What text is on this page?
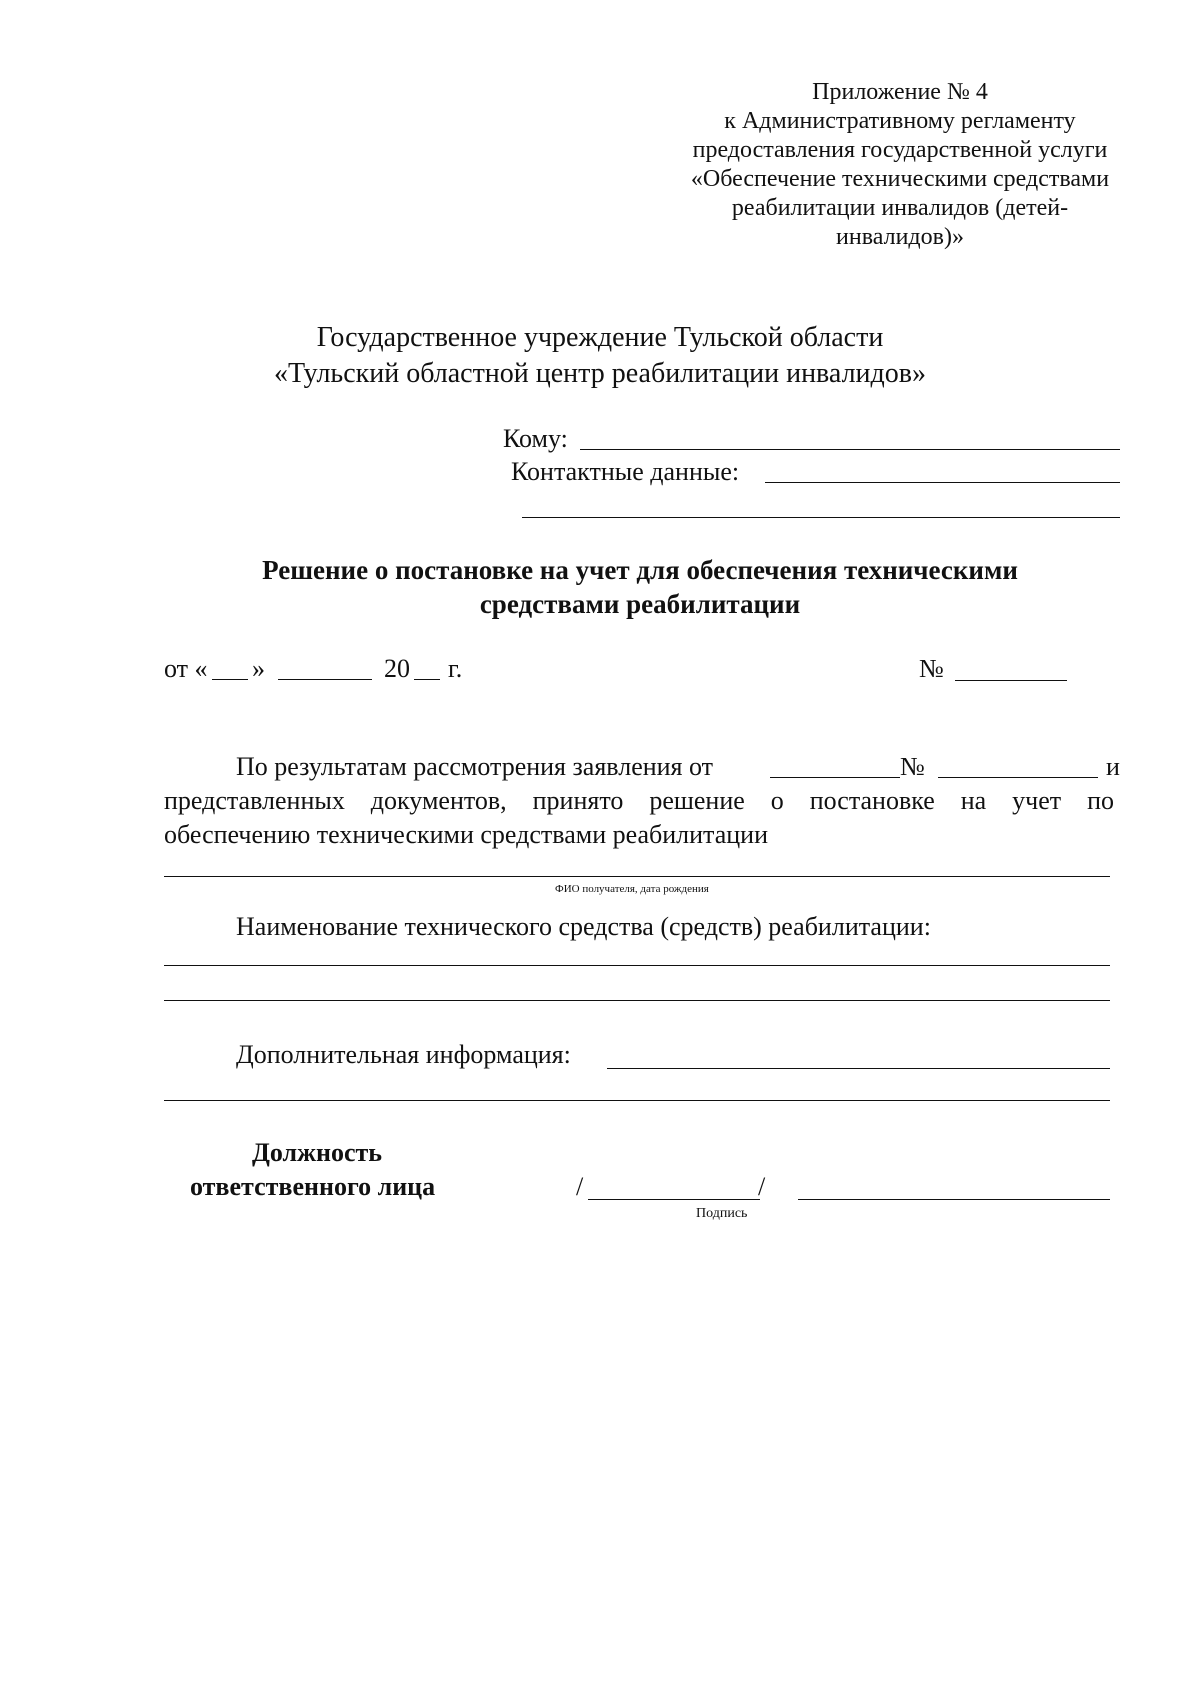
Приложение № 4
к Административному регламенту
предоставления государственной услуги
«Обеспечение техническими средствами
реабилитации инвалидов (детей-
инвалидов)»
Государственное учреждение Тульской области
«Тульский областной центр реабилитации инвалидов»
Кому:
Контактные данные:
Решение о постановке на учет для обеспечения техническими
средствами реабилитации
от « »	20 г.	№
По результатам рассмотрения заявления от	№	и
представленных документов, принято решение о постановке на учет по
обеспечению техническими средствами реабилитации
ФИО получателя, дата рождения
Наименование технического средства (средств) реабилитации:
Дополнительная информация:
Должность
ответственного лица	/	/
Подпись
